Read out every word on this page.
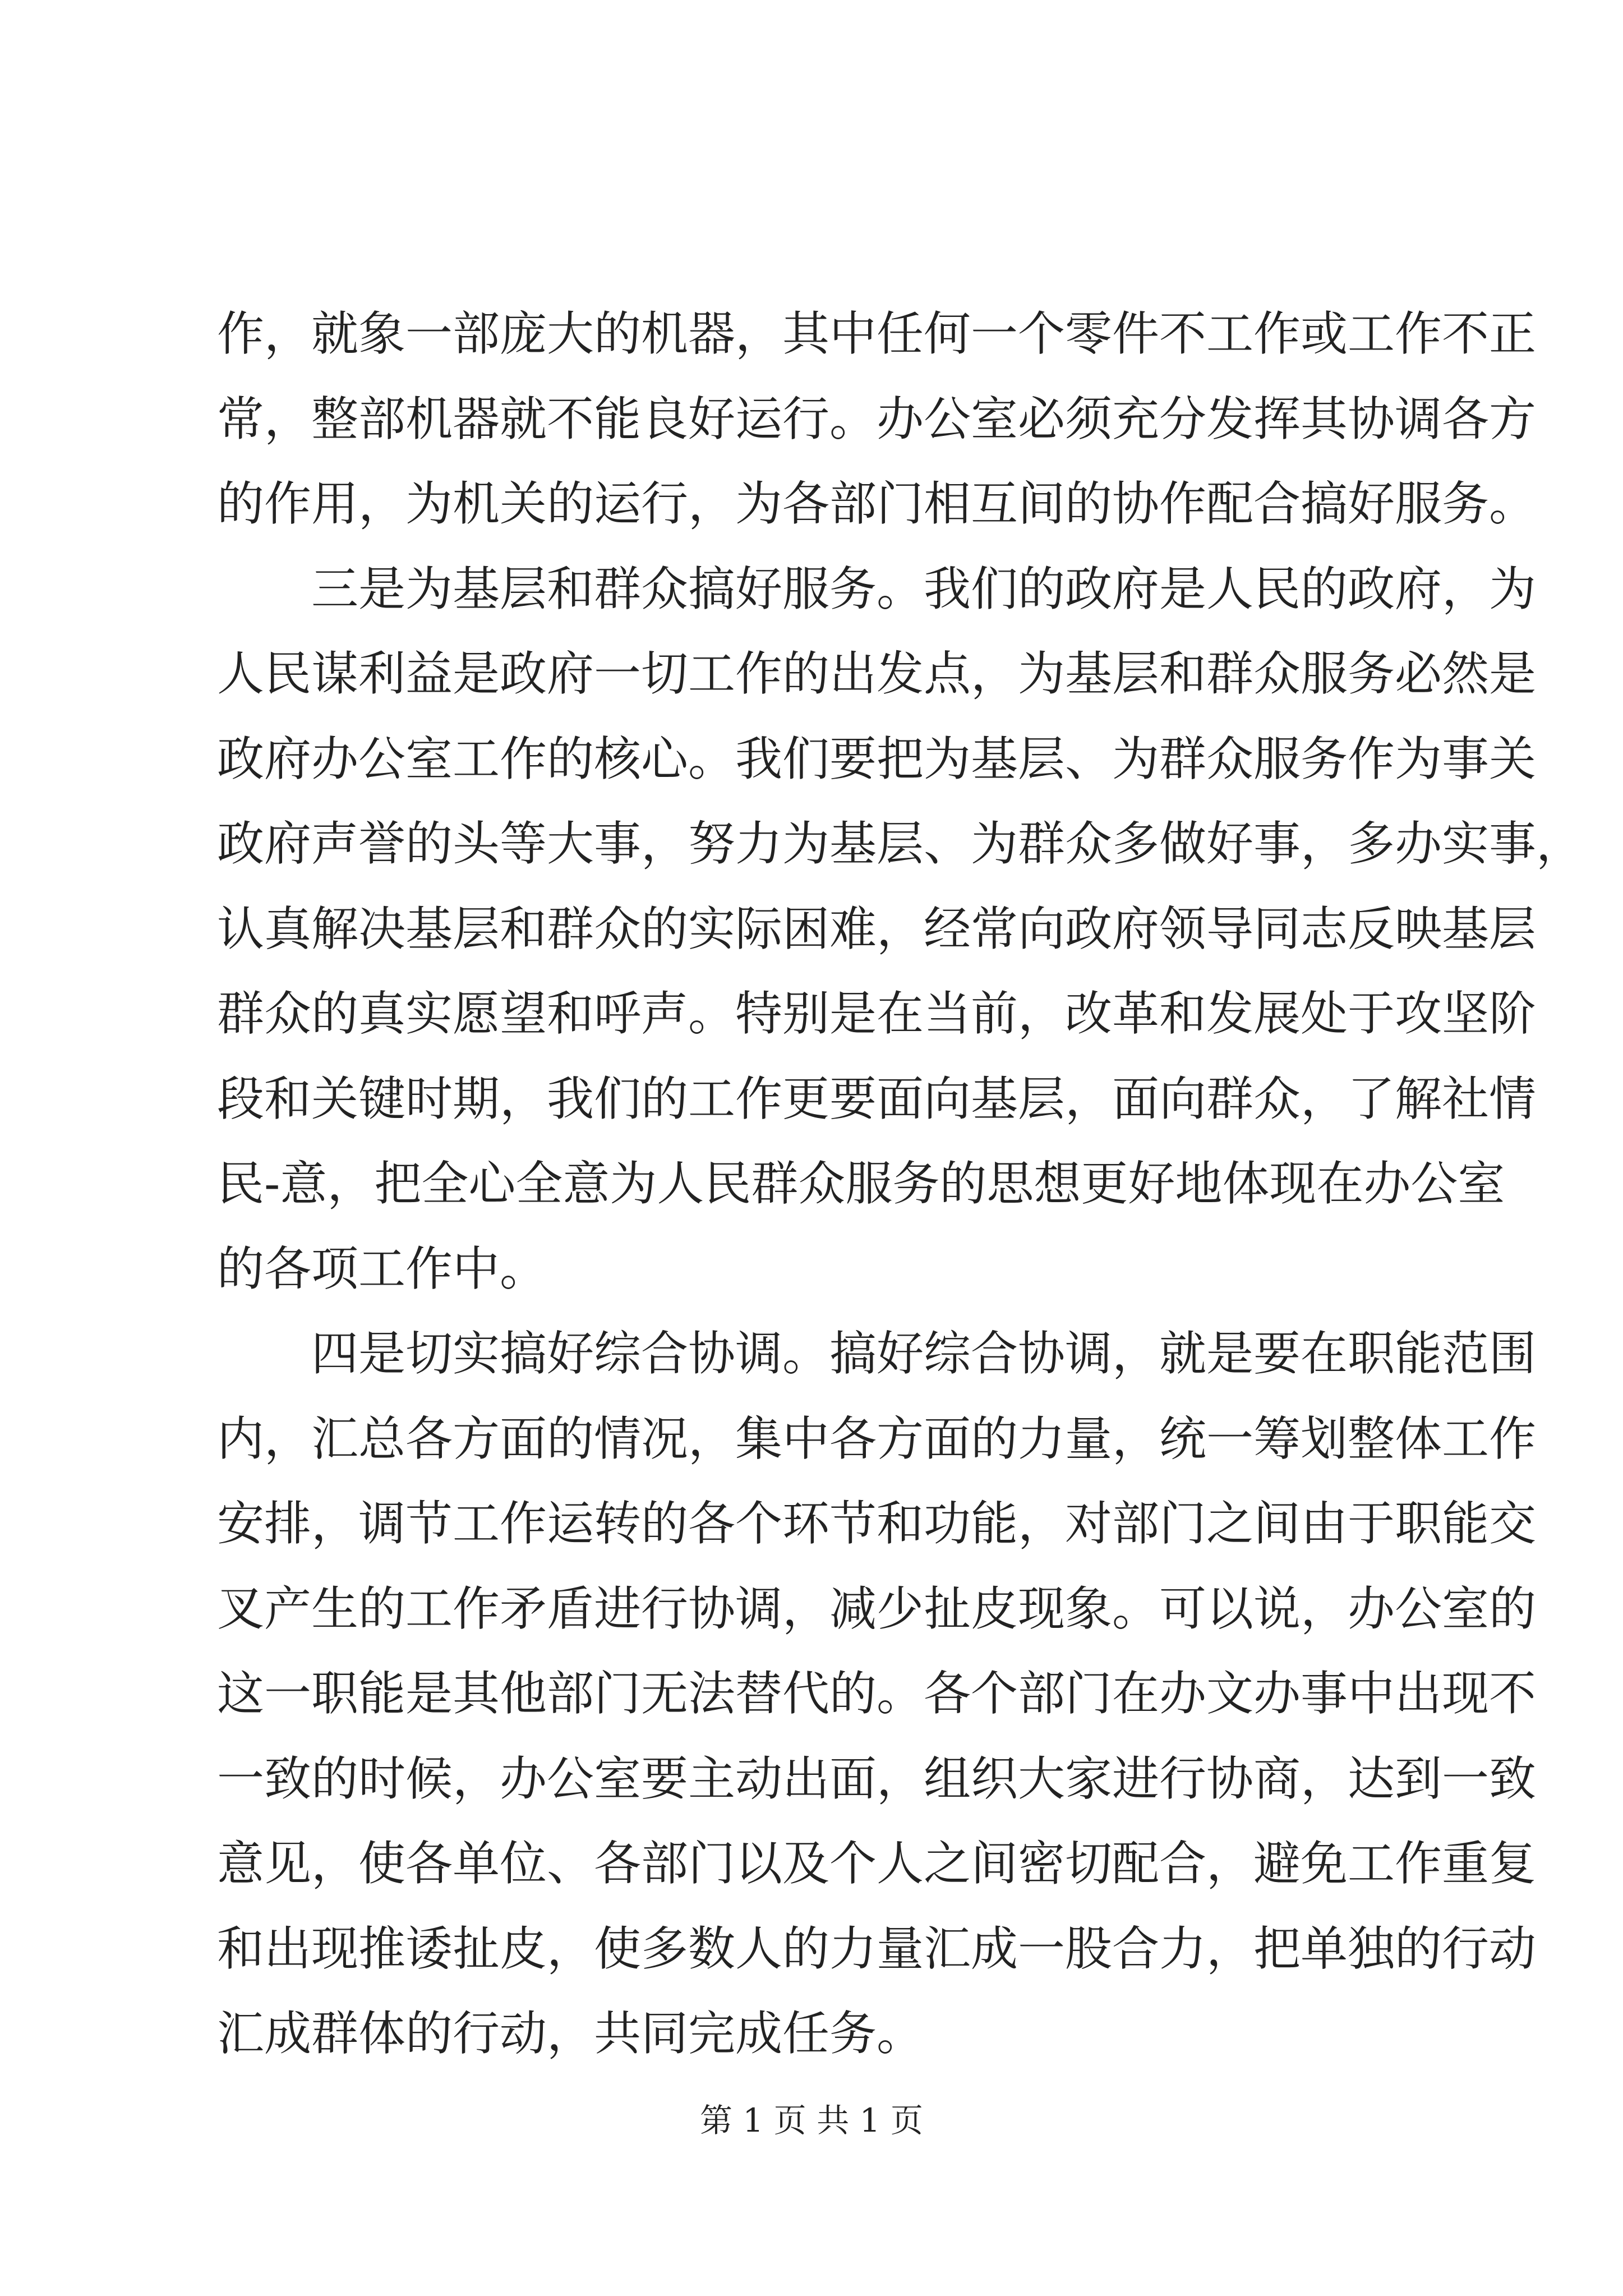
作，就象一部庞大的机器，其中任何一个零件不工作或工作不正
常，整部机器就不能良好运行。办公室必须充分发挥其协调各方
的作用，为机关的运行，为各部门相互间的协作配合搞好服务。
三是为基层和群众搞好服务。我们的政府是人民的政府，为
人民谋利益是政府一切工作的出发点，为基层和群众服务必然是
政府办公室工作的核心。我们要把为基层、为群众服务作为事关
政府声誉的头等大事，努力为基层、为群众多做好事，多办实事，
认真解决基层和群众的实际困难，经常向政府领导同志反映基层
群众的真实愿望和呼声。特别是在当前，改革和发展处于攻坚阶
段和关键时期，我们的工作更要面向基层，面向群众，了解社情
民-意，把全心全意为人民群众服务的思想更好地体现在办公室
的各项工作中。
四是切实搞好综合协调。搞好综合协调，就是要在职能范围
内，汇总各方面的情况，集中各方面的力量，统一筹划整体工作
安排，调节工作运转的各个环节和功能，对部门之间由于职能交
叉产生的工作矛盾进行协调，减少扯皮现象。可以说，办公室的
这一职能是其他部门无法替代的。各个部门在办文办事中出现不
一致的时候，办公室要主动出面，组织大家进行协商，达到一致
意见，使各单位、各部门以及个人之间密切配合，避免工作重复
和出现推诿扯皮，使多数人的力量汇成一股合力，把单独的行动
汇成群体的行动，共同完成任务。
第 1 页 共 1 页
